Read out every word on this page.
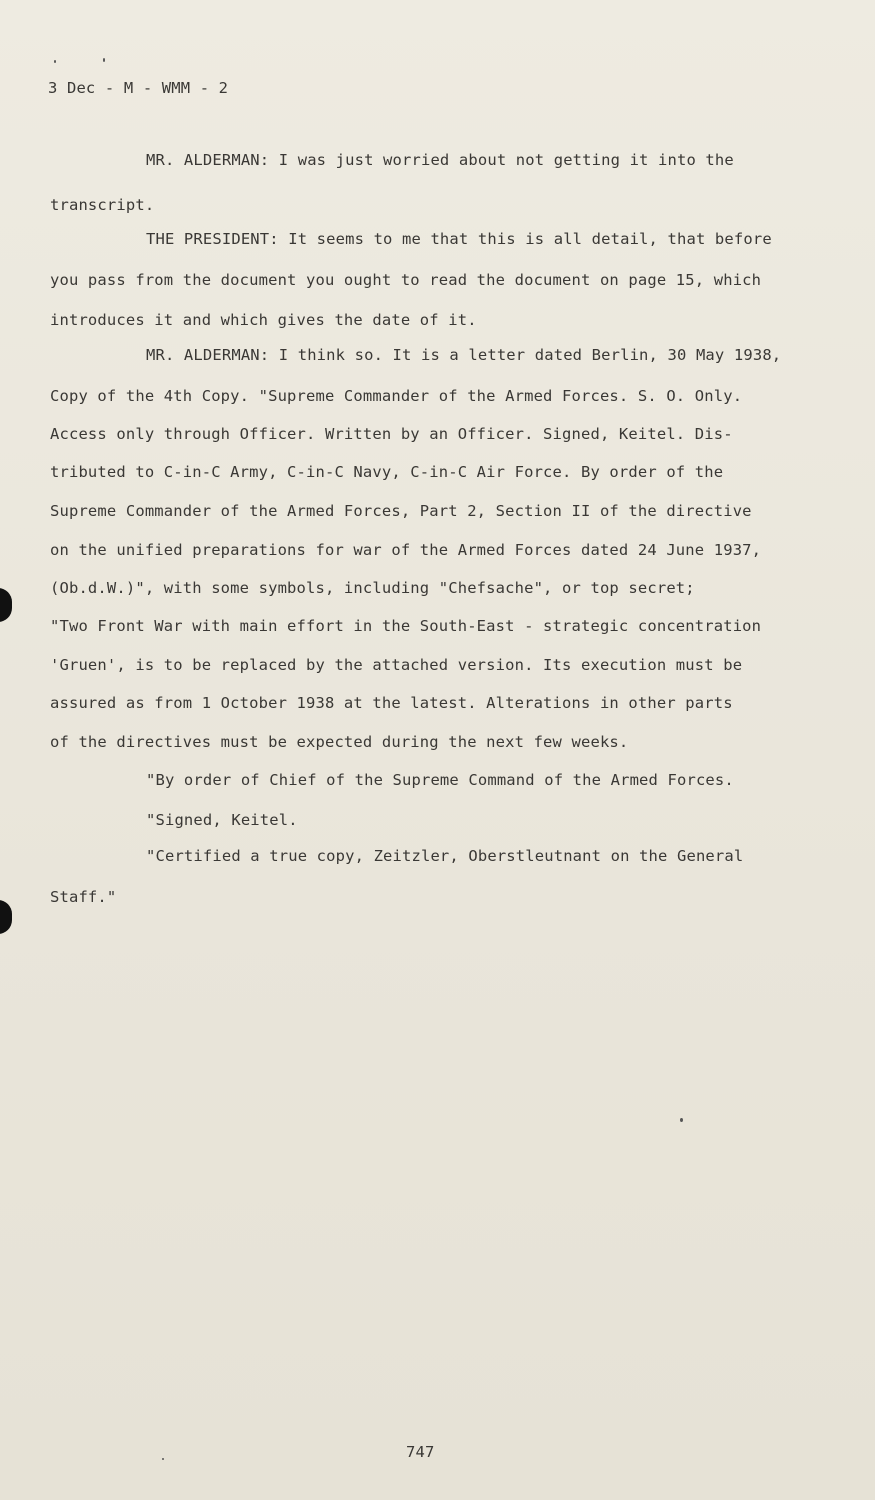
3 Dec - M - WMM - 2
MR. ALDERMAN: I was just worried about not getting it into the
transcript.
THE PRESIDENT: It seems to me that this is all detail, that before
you pass from the document you ought to read the document on page 15, which
introduces it and which gives the date of it.
MR. ALDERMAN: I think so. It is a letter dated Berlin, 30 May 1938,
Copy of the 4th Copy. "Supreme Commander of the Armed Forces. S. O. Only.
Access only through Officer. Written by an Officer. Signed, Keitel. Dis-
tributed to C-in-C Army, C-in-C Navy, C-in-C Air Force. By order of the
Supreme Commander of the Armed Forces, Part 2, Section II of the directive
on the unified preparations for war of the Armed Forces dated 24 June 1937,
(Ob.d.W.)", with some symbols, including "Chefsache", or top secret;
"Two Front War with main effort in the South-East - strategic concentration
'Gruen', is to be replaced by the attached version. Its execution must be
assured as from 1 October 1938 at the latest. Alterations in other parts
of the directives must be expected during the next few weeks.
"By order of Chief of the Supreme Command of the Armed Forces.
"Signed, Keitel.
"Certified a true copy, Zeitzler, Oberstleutnant on the General
Staff."
747
